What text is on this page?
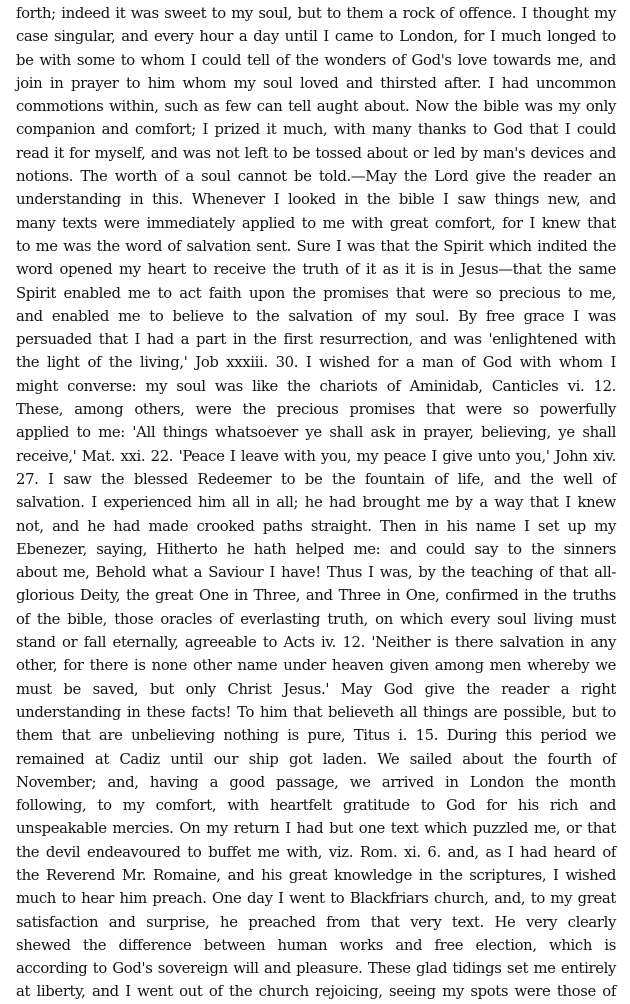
forth; indeed it was sweet to my soul, but to them a rock of offence. I thought my

case singular, and every hour a day until I came to London, for I much longed to

be with some to whom I could tell of the wonders of God's love towards me, and

join in prayer to him whom my soul loved and thirsted after. I had uncommon

commotions within, such as few can tell aught about. Now the bible was my only

companion and comfort; I prized it much, with many thanks to God that I could

read it for myself, and was not left to be tossed about or led by man's devices and

notions. The worth of a soul cannot be told.—May the Lord give the reader an

understanding in this. Whenever I looked in the bible I saw things new, and

many texts were immediately applied to me with great comfort, for I knew that

to me was the word of salvation sent. Sure I was that the Spirit which indited the

word opened my heart to receive the truth of it as it is in Jesus—that the same

Spirit enabled me to act faith upon the promises that were so precious to me,

and enabled me to believe to the salvation of my soul. By free grace I was

persuaded that I had a part in the first resurrection, and was 'enlightened with

the light of the living,' Job xxxiii. 30. I wished for a man of God with whom I

might converse: my soul was like the chariots of Aminidab, Canticles vi. 12.

These, among others, were the precious promises that were so powerfully

applied to me: 'All things whatsoever ye shall ask in prayer, believing, ye shall

receive,' Mat. xxi. 22. 'Peace I leave with you, my peace I give unto you,' John xiv.

27. I saw the blessed Redeemer to be the fountain of life, and the well of

salvation. I experienced him all in all; he had brought me by a way that I knew

not, and he had made crooked paths straight. Then in his name I set up my

Ebenezer, saying, Hitherto he hath helped me: and could say to the sinners

about me, Behold what a Saviour I have! Thus I was, by the teaching of that all-

glorious Deity, the great One in Three, and Three in One, confirmed in the truths

of the bible, those oracles of everlasting truth, on which every soul living must

stand or fall eternally, agreeable to Acts iv. 12. 'Neither is there salvation in any

other, for there is none other name under heaven given among men whereby we

must be saved, but only Christ Jesus.' May God give the reader a right

understanding in these facts! To him that believeth all things are possible, but to

them that are unbelieving nothing is pure, Titus i. 15. During this period we

remained at Cadiz until our ship got laden. We sailed about the fourth of

November; and, having a good passage, we arrived in London the month

following, to my comfort, with heartfelt gratitude to God for his rich and

unspeakable mercies. On my return I had but one text which puzzled me, or that

the devil endeavoured to buffet me with, viz. Rom. xi. 6. and, as I had heard of

the Reverend Mr. Romaine, and his great knowledge in the scriptures, I wished

much to hear him preach. One day I went to Blackfriars church, and, to my great

satisfaction and surprise, he preached from that very text. He very clearly

shewed the difference between human works and free election, which is

according to God's sovereign will and pleasure. These glad tidings set me entirely

at liberty, and I went out of the church rejoicing, seeing my spots were those of
